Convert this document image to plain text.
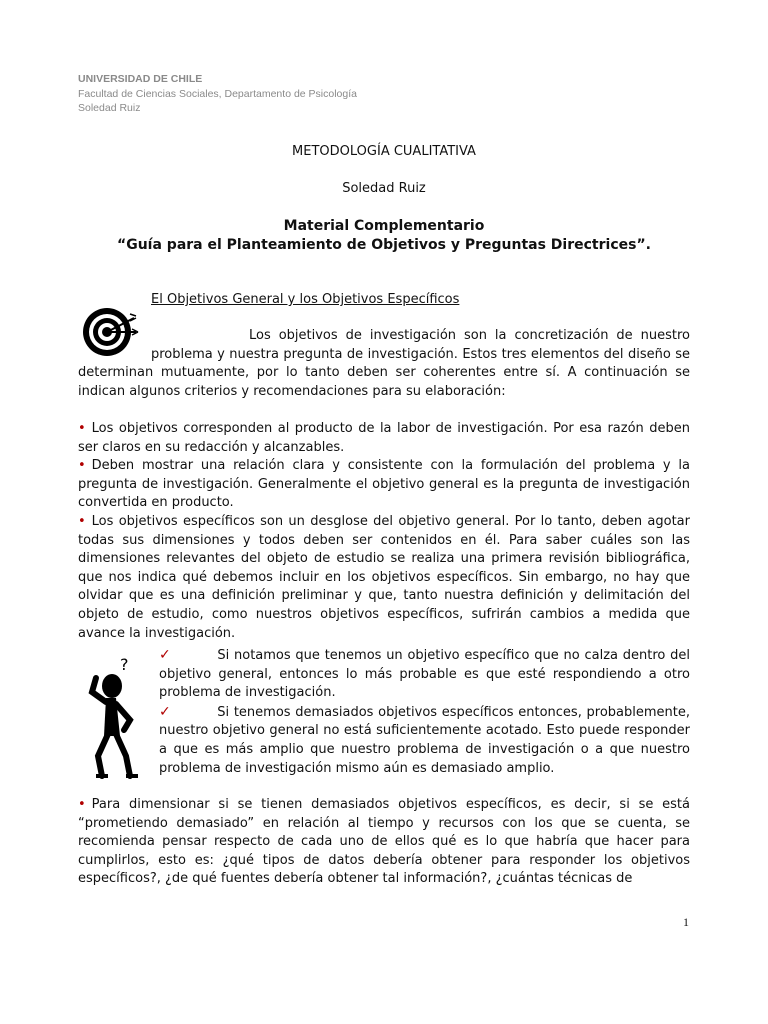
UNIVERSIDAD DE CHILE
Facultad de Ciencias Sociales, Departamento de Psicología
Soledad Ruiz
METODOLOGÍA CUALITATIVA
Soledad Ruiz
Material Complementario
“Guía para el Planteamiento de Objetivos y Preguntas Directrices”.
El Objetivos General y los Objetivos Específicos
Los objetivos de investigación son la concretización de nuestro problema y nuestra pregunta de investigación. Estos tres elementos del diseño se determinan mutuamente, por lo tanto deben ser coherentes entre sí. A continuación se indican algunos criterios y recomendaciones para su elaboración:

• Los objetivos corresponden al producto de la labor de investigación. Por esa razón deben ser claros en su redacción y alcanzables.

• Deben mostrar una relación clara y consistente con la formulación del problema y la pregunta de investigación. Generalmente el objetivo general es la pregunta de investigación convertida en producto.

• Los objetivos específicos son un desglose del objetivo general. Por lo tanto, deben agotar todas sus dimensiones y todos deben ser contenidos en él. Para saber cuáles son las dimensiones relevantes del objeto de estudio se realiza una primera revisión bibliográfica, que nos indica qué debemos incluir en los objetivos específicos. Sin embargo, no hay que olvidar que es una definición preliminar y que, tanto nuestra definición y delimitación del objeto de estudio, como nuestros objetivos específicos, sufrirán cambios a medida que avance la investigación.

? ✓	Si notamos que tenemos un objetivo específico que no calza dentro del objetivo general, entonces lo más probable es que esté respondiendo a otro problema de investigación.

✓	Si tenemos demasiados objetivos específicos entonces, probablemente, nuestro objetivo general no está suficientemente acotado. Esto puede responder a que es más amplio que nuestro problema de investigación o a que nuestro problema de investigación mismo aún es demasiado amplio.

• Para dimensionar si se tienen demasiados objetivos específicos, es decir, si se está “prometiendo demasiado” en relación al tiempo y recursos con los que se cuenta, se recomienda pensar respecto de cada uno de ellos qué es lo que habría que hacer para cumplirlos, esto es: ¿qué tipos de datos debería obtener para responder los objetivos específicos?, ¿de qué fuentes debería obtener tal información?, ¿cuántas técnicas de
1
